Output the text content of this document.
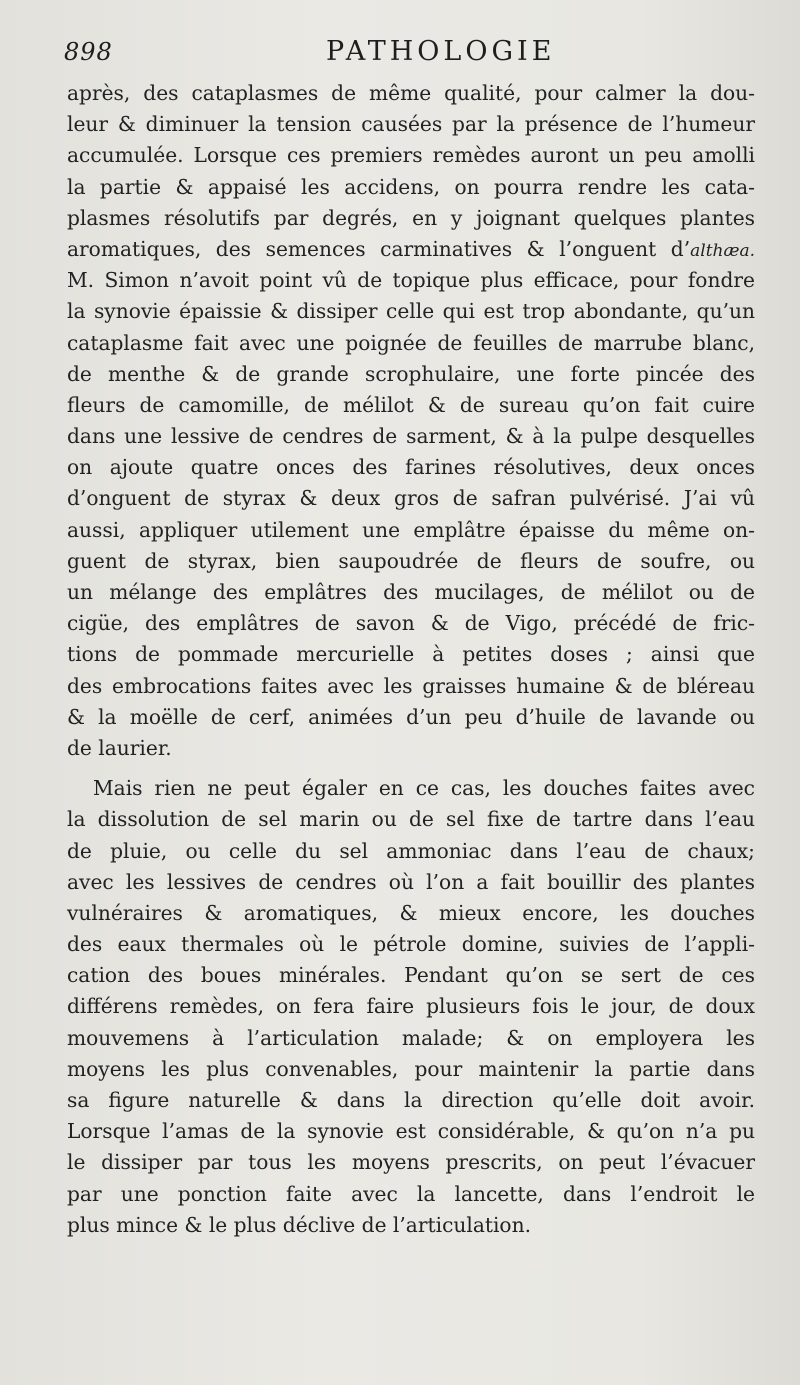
898	PATHOLOGIE
après, des cataplasmes de même qualité, pour calmer la dou-
leur & diminuer la tension causées par la présence de l’humeur
accumulée. Lorsque ces premiers remèdes auront un peu amolli
la partie & appaisé les accidens, on pourra rendre les cata-
plasmes résolutifs par degrés, en y joignant quelques plantes
aromatiques, des semences carminatives & l’onguent d’althæa.
M. Simon n’avoit point vû de topique plus efficace, pour fondre
la synovie épaissie & dissiper celle qui est trop abondante, qu’un
cataplasme fait avec une poignée de feuilles de marrube blanc,
de menthe & de grande scrophulaire, une forte pincée des
fleurs de camomille, de mélilot & de sureau qu’on fait cuire
dans une lessive de cendres de sarment, & à la pulpe desquelles
on ajoute quatre onces des farines résolutives, deux onces
d’onguent de styrax & deux gros de safran pulvérisé. J’ai vû
aussi, appliquer utilement une emplâtre épaisse du même on-
guent de styrax, bien saupoudrée de fleurs de soufre, ou
un mélange des emplâtres des mucilages, de mélilot ou de
cigüe, des emplâtres de savon & de Vigo, précédé de fric-
tions de pommade mercurielle à petites doses ; ainsi que
des embrocations faites avec les graisses humaine & de bléreau
& la moëlle de cerf, animées d’un peu d’huile de lavande ou
de laurier.
Mais rien ne peut égaler en ce cas, les douches faites avec
la dissolution de sel marin ou de sel fixe de tartre dans l’eau
de pluie, ou celle du sel ammoniac dans l’eau de chaux;
avec les lessives de cendres où l’on a fait bouillir des plantes
vulnéraires & aromatiques, & mieux encore, les douches
des eaux thermales où le pétrole domine, suivies de l’appli-
cation des boues minérales. Pendant qu’on se sert de ces
différens remèdes, on fera faire plusieurs fois le jour, de doux
mouvemens à l’articulation malade; & on employera les
moyens les plus convenables, pour maintenir la partie dans
sa figure naturelle & dans la direction qu’elle doit avoir.
Lorsque l’amas de la synovie est considérable, & qu’on n’a pu
le dissiper par tous les moyens prescrits, on peut l’évacuer
par une ponction faite avec la lancette, dans l’endroit le
plus mince & le plus déclive de l’articulation.
